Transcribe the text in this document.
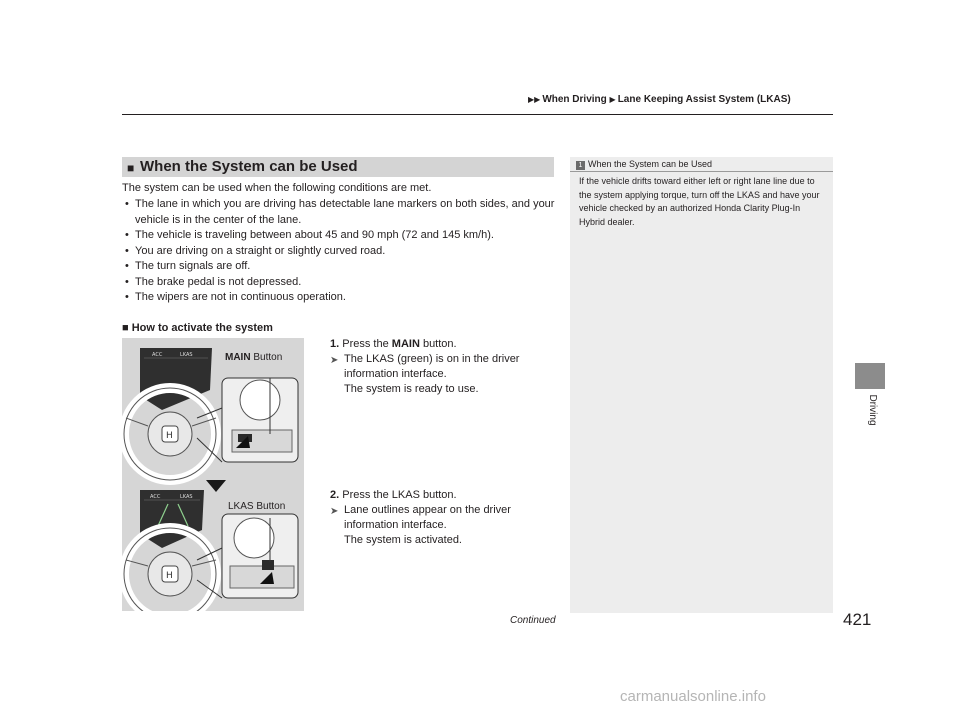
▶▶ When Driving ▶ Lane Keeping Assist System (LKAS)
Driving
■ When the System can be Used
The system can be used when the following conditions are met.
• The lane in which you are driving has detectable lane markers on both sides, and your vehicle is in the center of the lane.
• The vehicle is traveling between about 45 and 90 mph (72 and 145 km/h).
• You are driving on a straight or slightly curved road.
• The turn signals are off.
• The brake pedal is not depressed.
• The wipers are not in continuous operation.
■ How to activate the system
ACC	LKAS
H
ACC	LKAS
H
MAIN Button
LKAS Button
1. Press the MAIN button.
➤ The LKAS (green) is on in the driver
information interface.
The system is ready to use.
2. Press the LKAS button.
➤ Lane outlines appear on the driver
information interface.
The system is activated.
1 When the System can be Used
If the vehicle drifts toward either left or right lane line due to the system applying torque, turn off the LKAS and have your vehicle checked by an authorized Honda Clarity Plug-In Hybrid dealer.
Continued	421
carmanualsonline.info
